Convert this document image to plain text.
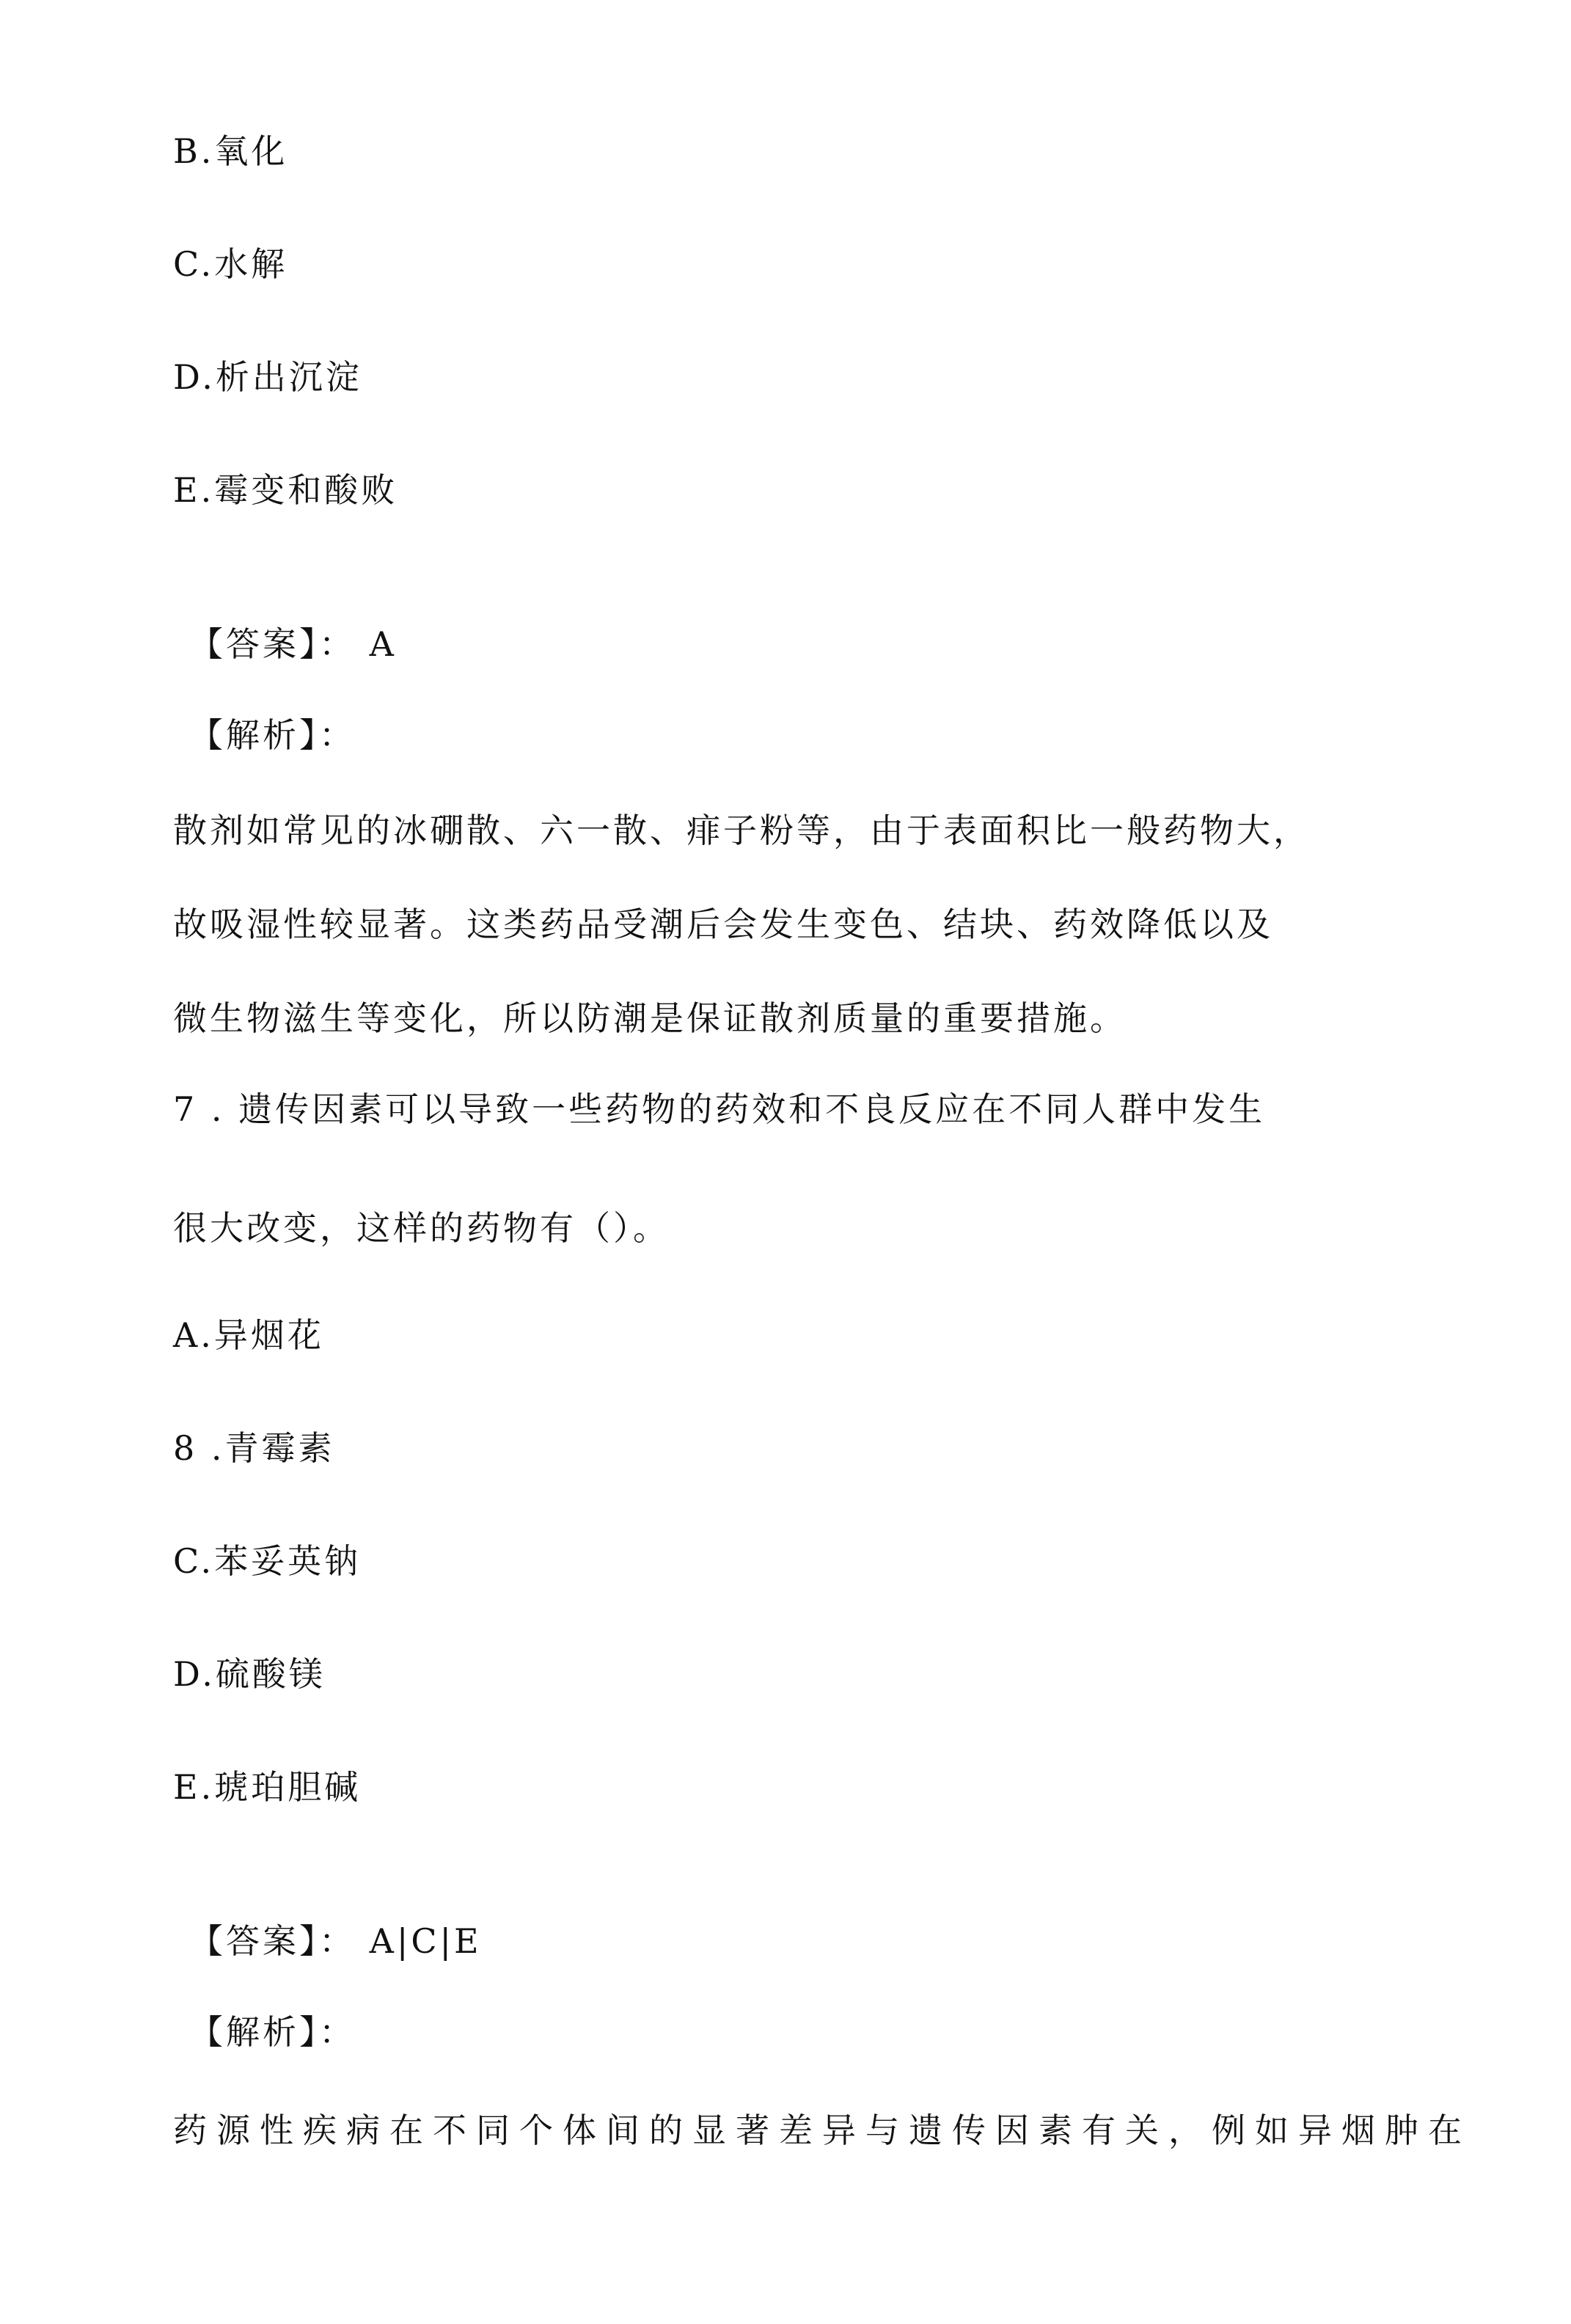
B.氧化
C.水解
D.析出沉淀
E.霉变和酸败
【答案】： A
【解析】：
散剂如常见的冰硼散、六一散、痱子粉等，由于表面积比一般药物大，
故吸湿性较显著。这类药品受潮后会发生变色、结块、药效降低以及
微生物滋生等变化，所以防潮是保证散剂质量的重要措施。
7 . 遗传因素可以导致一些药物的药效和不良反应在不同人群中发生
很大改变，这样的药物有（）。
A.异烟花
8 .青霉素
C.苯妥英钠
D.硫酸镁
E.琥珀胆碱
【答案】： A|C|E
【解析】：
药源性疾病在不同个体间的显著差异与遗传因素有关，例如异烟肿在
